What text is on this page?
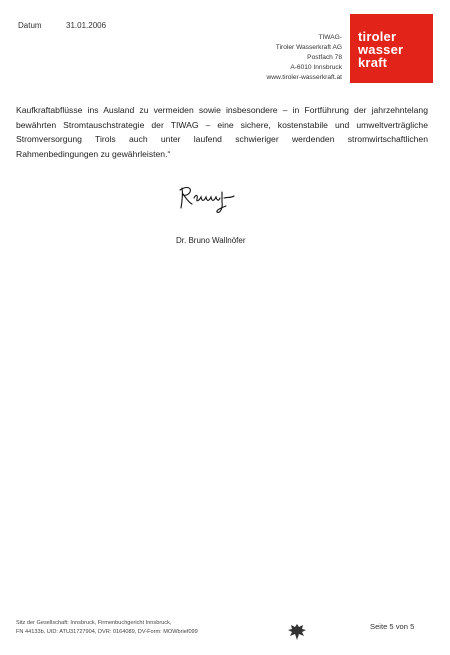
Datum	31.01.2006
TIWAG-
Tiroler Wasserkraft AG
Postfach 78
A-6010 Innsbruck
www.tiroler-wasserkraft.at
tiroler
wasser
kraft
Kaufkraftabflüsse ins Ausland zu vermeiden sowie insbesondere – in Fortführung der jahrzehntelang bewährten Stromtauschstrategie der TIWAG – eine sichere, kostenstabile und umweltverträgliche Stromversorgung Tirols auch unter laufend schwieriger werdenden stromwirtschaftlichen Rahmenbedingungen zu gewährleisten.“
Dr. Bruno Wallnöfer
Sitz der Gesellschaft: Innsbruck, Firmenbuchgericht Innsbruck,
FN 44133b, UID: ATU31727904, DVR: 0164089, DV-Form: MOWbrief099
Seite 5 von 5
